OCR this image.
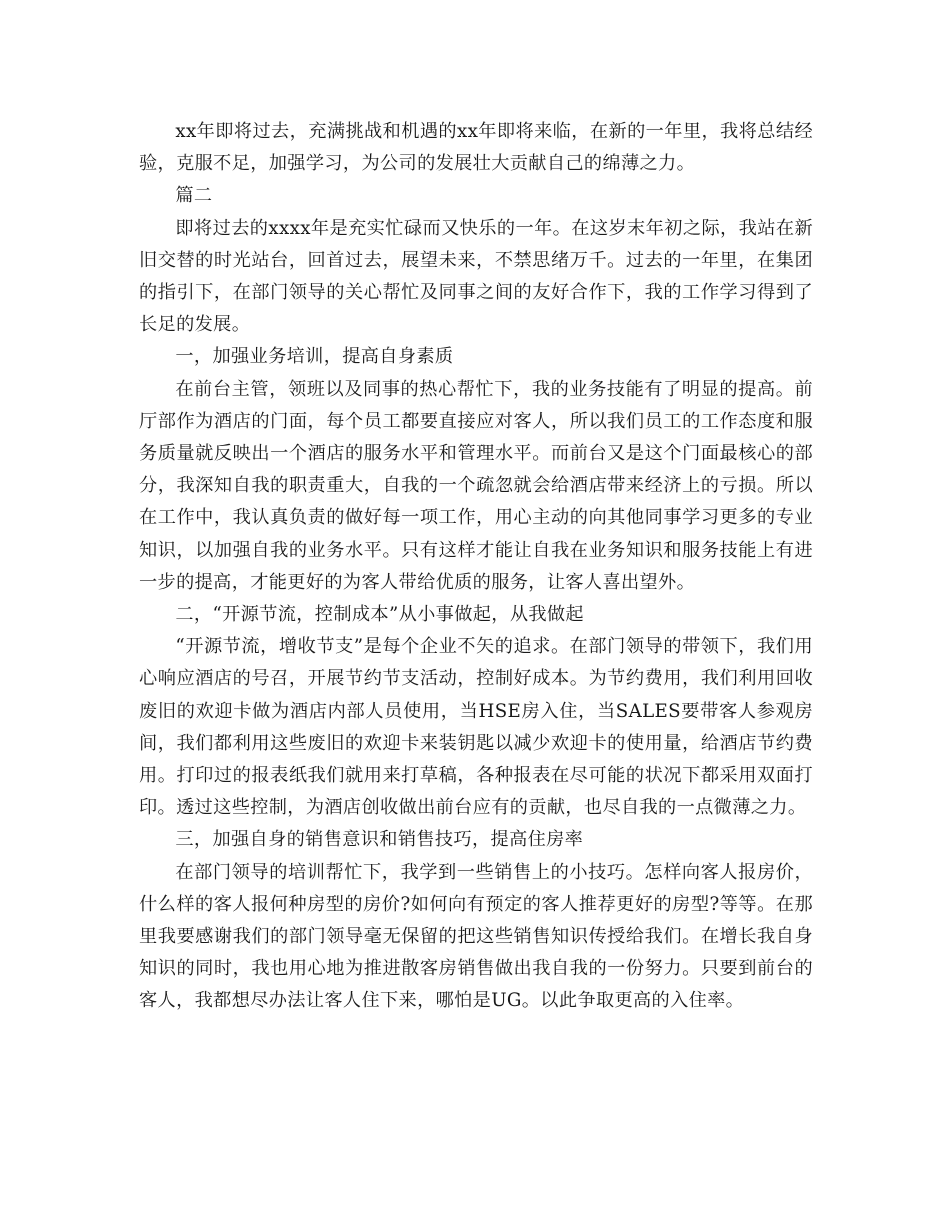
xx年即将过去，充满挑战和机遇的xx年即将来临，在新的一年里，我将总结经验，克服不足，加强学习，为公司的发展壮大贡献自己的绵薄之力。

篇二

即将过去的xxxx年是充实忙碌而又快乐的一年。在这岁末年初之际，我站在新旧交替的时光站台，回首过去，展望未来，不禁思绪万千。过去的一年里，在集团的指引下，在部门领导的关心帮忙及同事之间的友好合作下，我的工作学习得到了长足的发展。

一，加强业务培训，提高自身素质

在前台主管，领班以及同事的热心帮忙下，我的业务技能有了明显的提高。前厅部作为酒店的门面，每个员工都要直接应对客人，所以我们员工的工作态度和服务质量就反映出一个酒店的服务水平和管理水平。而前台又是这个门面最核心的部分，我深知自我的职责重大，自我的一个疏忽就会给酒店带来经济上的亏损。所以在工作中，我认真负责的做好每一项工作，用心主动的向其他同事学习更多的专业知识，以加强自我的业务水平。只有这样才能让自我在业务知识和服务技能上有进一步的提高，才能更好的为客人带给优质的服务，让客人喜出望外。

二，“开源节流，控制成本”从小事做起，从我做起

“开源节流，增收节支”是每个企业不矢的追求。在部门领导的带领下，我们用心响应酒店的号召，开展节约节支活动，控制好成本。为节约费用，我们利用回收废旧的欢迎卡做为酒店内部人员使用，当HSE房入住，当SALES要带客人参观房间，我们都利用这些废旧的欢迎卡来装钥匙以减少欢迎卡的使用量，给酒店节约费用。打印过的报表纸我们就用来打草稿，各种报表在尽可能的状况下都采用双面打印。透过这些控制，为酒店创收做出前台应有的贡献，也尽自我的一点微薄之力。

三，加强自身的销售意识和销售技巧，提高住房率

在部门领导的培训帮忙下，我学到一些销售上的小技巧。怎样向客人报房价，什么样的客人报何种房型的房价?如何向有预定的客人推荐更好的房型?等等。在那里我要感谢我们的部门领导毫无保留的把这些销售知识传授给我们。在增长我自身知识的同时，我也用心地为推进散客房销售做出我自我的一份努力。只要到前台的客人，我都想尽办法让客人住下来，哪怕是UG。以此争取更高的入住率。
